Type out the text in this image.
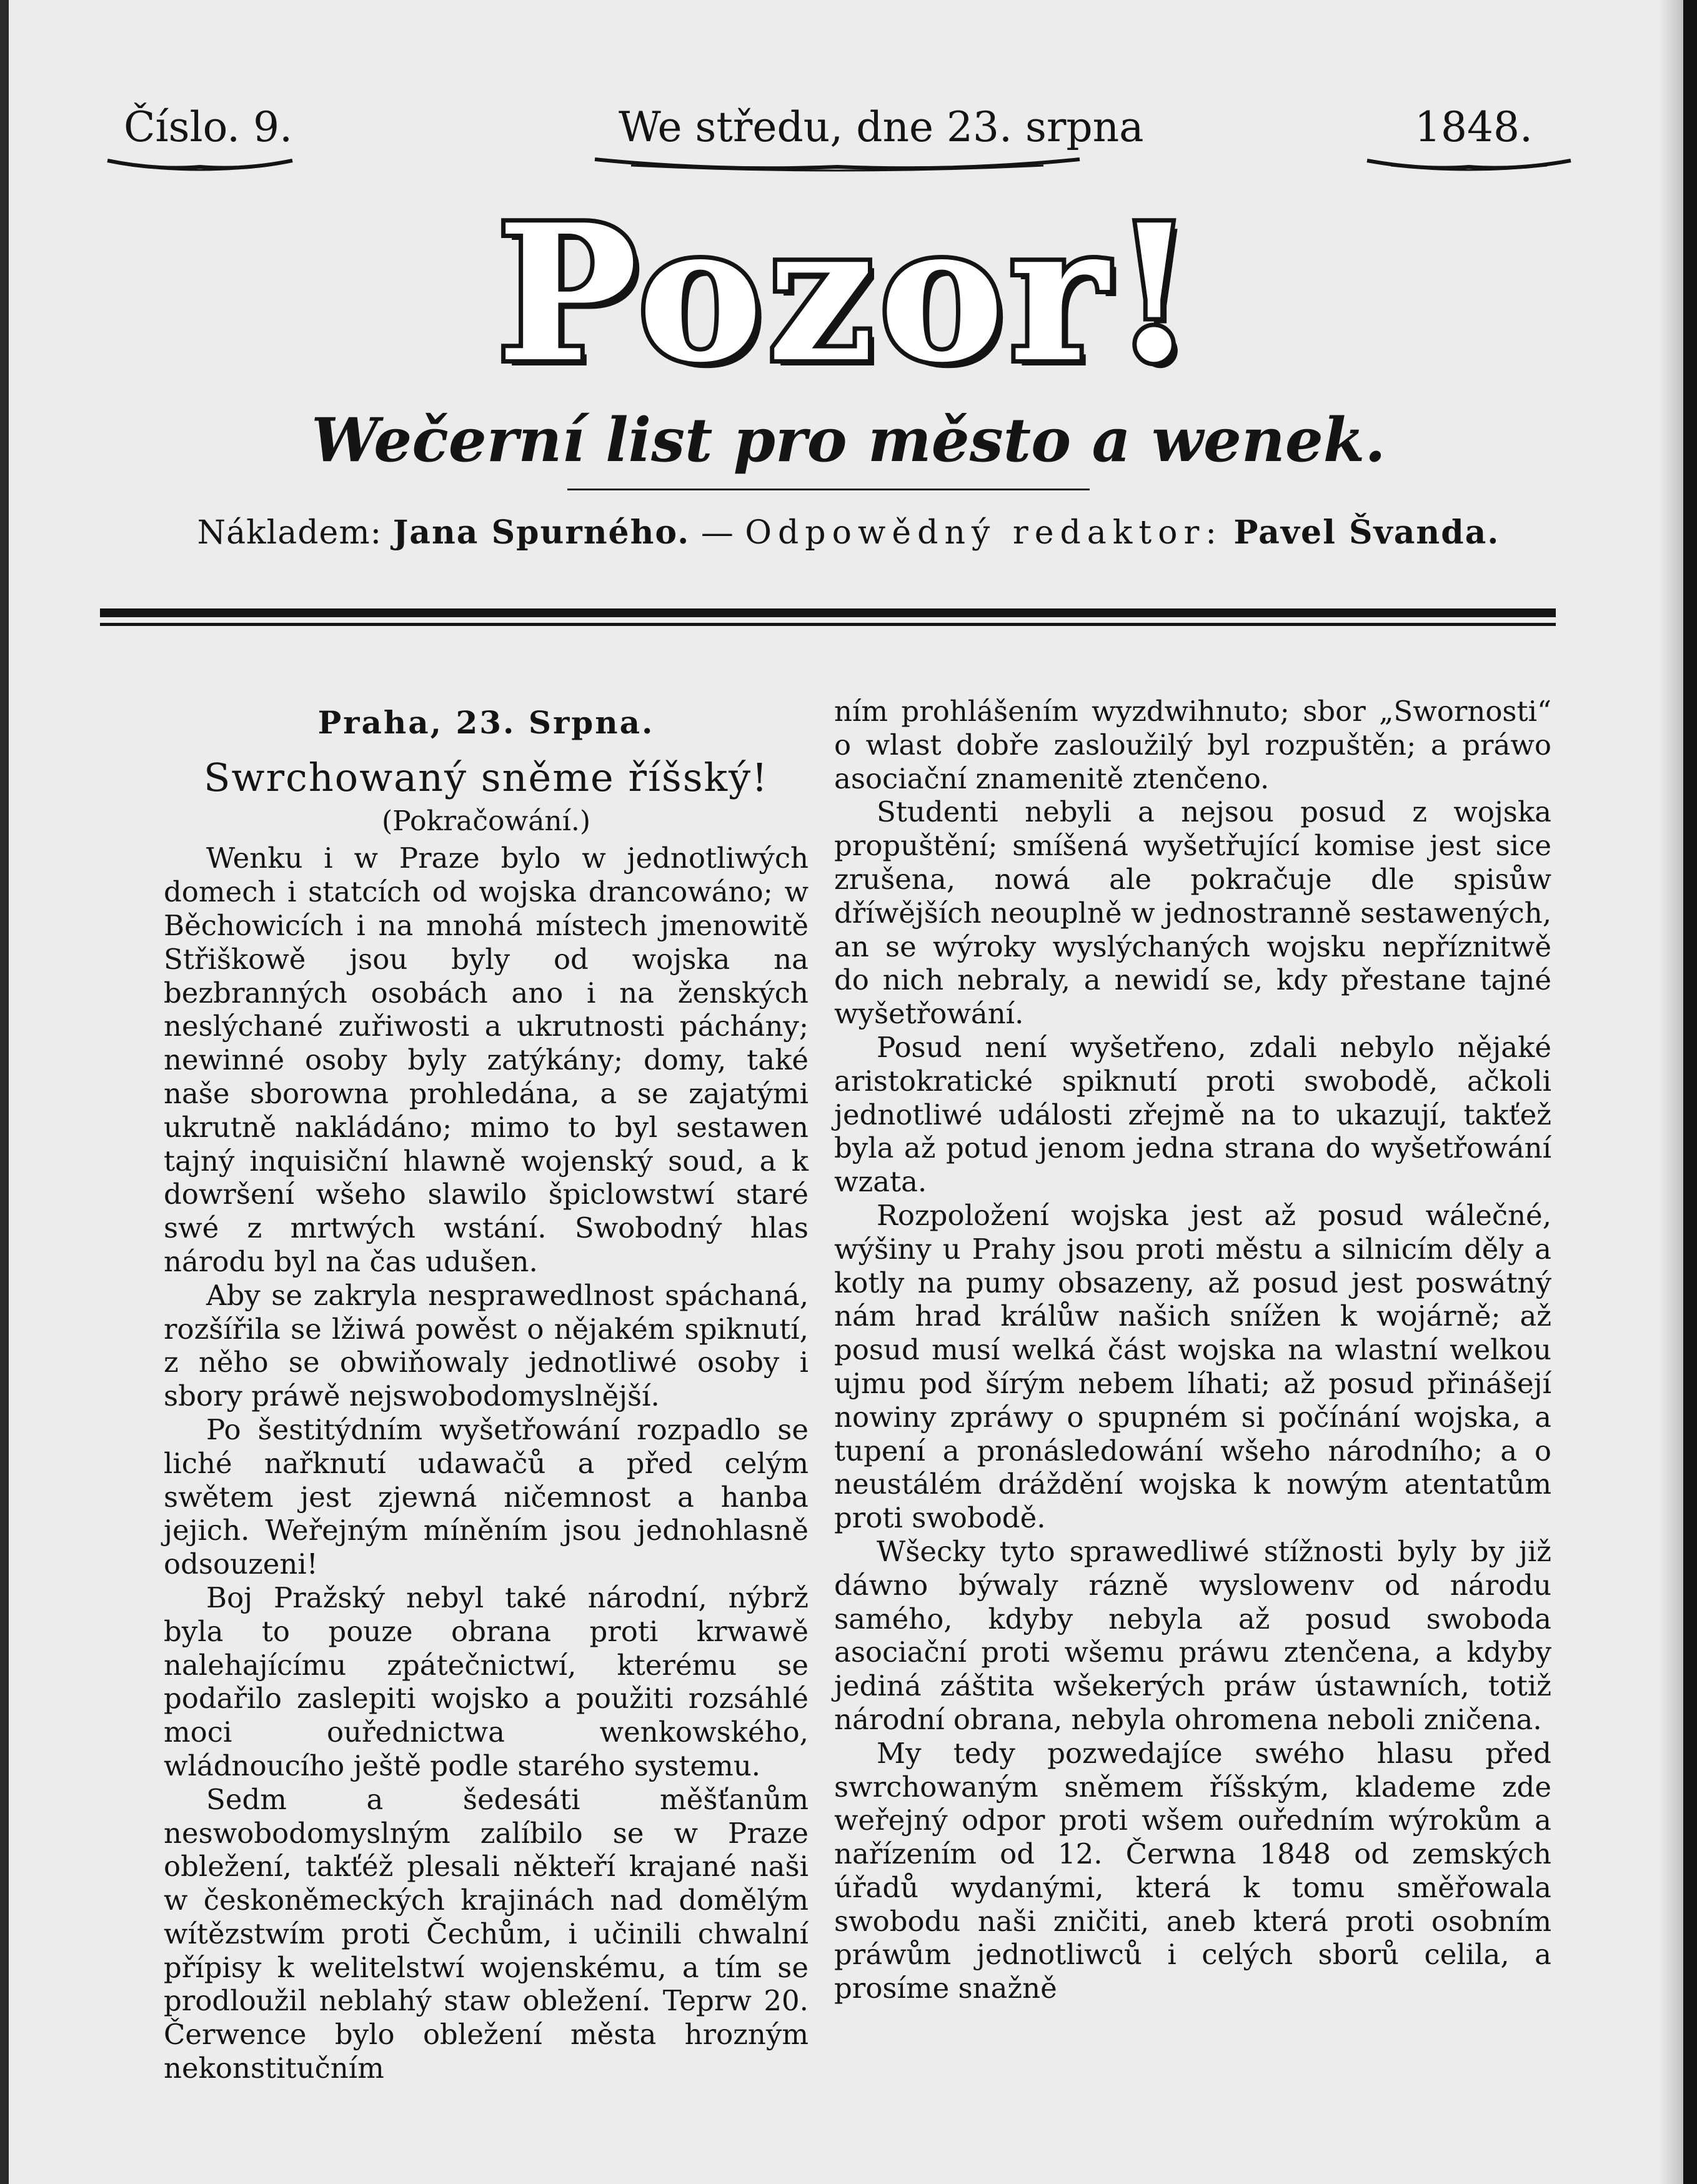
Číslo. 9.	We středu, dne 23. srpna	1848.
Pozor!
Wečerní list pro město a wenek.
Nákladem: Jana Spurného. — Odpowědný redaktor: Pavel Švanda.
Praha, 23. Srpna.
Swrchowaný sněme říšský!
(Pokračowání.)

Wenku i w Praze bylo w jednotliwých domech i statcích od wojska drancowáno; w Běchowicích i na mnohá místech jmenowitě Střiškowě jsou byly od wojska na bezbranných osobách ano i na ženských neslýchané zuřiwosti a ukrutnosti páchány; newinné osoby byly zatýkány; domy, také naše sborowna prohledána, a se zajatými ukrutně nakládáno; mimo to byl sestawen tajný inquisiční hlawně wojenský soud, a k dowršení wšeho slawilo špiclowstwí staré swé z mrtwých wstání. Swobodný hlas národu byl na čas udušen.

Aby se zakryla nesprawedlnost spáchaná, rozšířila se lžiwá powěst o nějakém spiknutí, z něho se obwiňowaly jednotliwé osoby i sbory práwě nejswobodomyslnější.

Po šestitýdním wyšetřowání rozpadlo se liché nařknutí udawačů a před celým swětem jest zjewná ničemnost a hanba jejich. Weřejným míněním jsou jednohlasně odsouzeni!

Boj Pražský nebyl také národní, nýbrž byla to pouze obrana proti krwawě nalehajícímu zpátečnictwí, kterému se podařilo zaslepiti wojsko a použiti rozsáhlé moci ouřednictwa wenkowského, wládnoucího ještě podle starého systemu.

Sedm a šedesáti měšťanům neswobodomyslným zalíbilo se w Praze obležení, takťéž plesali někteří krajané naši w českoněmeckých krajinách nad domělým wítězstwím proti Čechům, i učinili chwalní přípisy k welitelstwí wojenskému, a tím se prodloužil neblahý staw obležení. Teprw 20. Čerwence bylo obležení města hrozným nekonstitučním

ním prohlášením wyzdwihnuto; sbor „Swornosti“ o wlast dobře zasloužilý byl rozpuštěn; a práwo asociační znamenitě ztenčeno.

Studenti nebyli a nejsou posud z wojska propuštění; smíšená wyšetřující komise jest sice zrušena, nowá ale pokračuje dle spisůw dříwějších neouplně w jednostranně sestawených, an se wýroky wyslýchaných wojsku nepříznitwě do nich nebraly, a newidí se, kdy přestane tajné wyšetřowání.

Posud není wyšetřeno, zdali nebylo nějaké aristokratické spiknutí proti swobodě, ačkoli jednotliwé události zřejmě na to ukazují, takťež byla až potud jenom jedna strana do wyšetřowání wzata.

Rozpoložení wojska jest až posud wálečné, wýšiny u Prahy jsou proti městu a silnicím děly a kotly na pumy obsazeny, až posud jest poswátný nám hrad králůw našich snížen k wojárně; až posud musí welká část wojska na wlastní welkou ujmu pod šírým nebem líhati; až posud přinášejí nowiny zpráwy o spupném si počínání wojska, a tupení a pronásledowání wšeho národního; a o neustálém dráždění wojska k nowým atentatům proti swobodě.

Wšecky tyto sprawedliwé stížnosti byly by již dáwno býwaly rázně wyslowenv od národu samého, kdyby nebyla až posud swoboda asociační proti wšemu práwu ztenčena, a kdyby jediná záštita wšekerých práw ústawních, totiž národní obrana, nebyla ohromena neboli zničena.

My tedy pozwedajíce swého hlasu před swrchowaným sněmem říšským, klademe zde weřejný odpor proti wšem ouředním wýrokům a nařízením od 12. Čerwna 1848 od zemských úřadů wydanými, která k tomu směřowala swobodu naši zničiti, aneb která proti osobním práwům jednotliwců i celých sborů celila, a prosíme snažně
